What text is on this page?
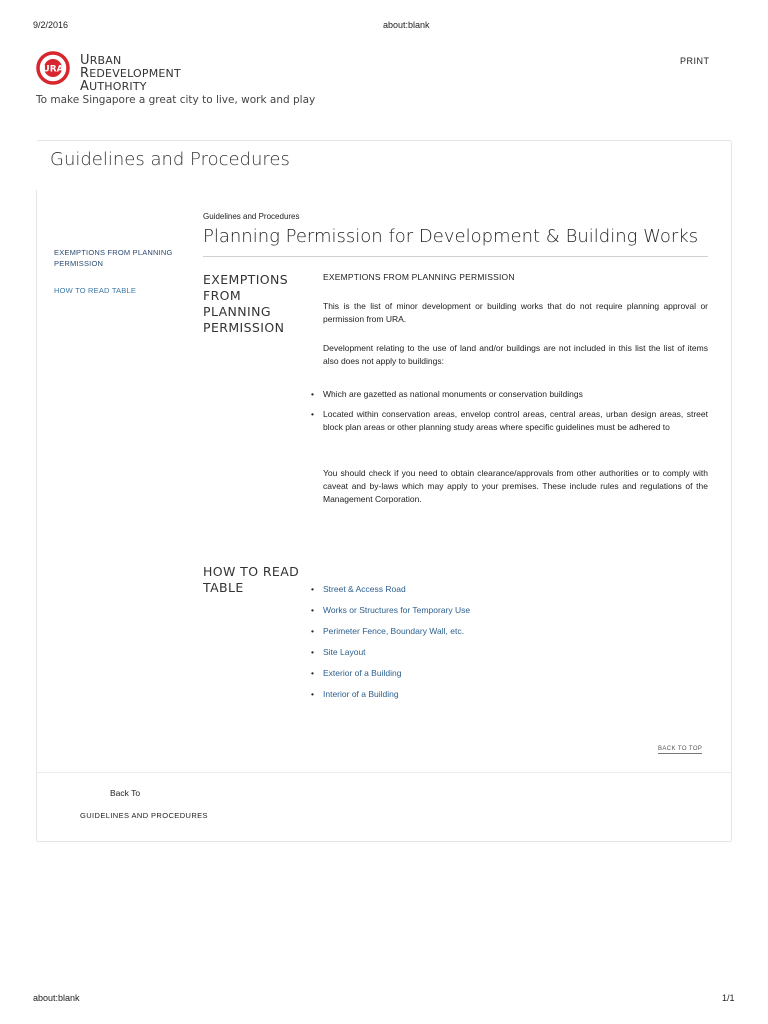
9/2/2016	about:blank
URA
URBAN
REDEVELOPMENT
AUTHORITY
To make Singapore a great city to live, work and play
PRINT
Guidelines and Procedures
EXEMPTIONS FROM PLANNING PERMISSION
HOW TO READ TABLE
Guidelines and Procedures
Planning Permission for Development & Building Works
EXEMPTIONS FROM PLANNING PERMISSION
EXEMPTIONS FROM PLANNING PERMISSION
This is the list of minor development or building works that do not require planning approval or permission from URA.
Development relating to the use of land and/or buildings are not included in this list the list of items also does not apply to buildings:
• Which are gazetted as national monuments or conservation buildings
• Located within conservation areas, envelop control areas, central areas, urban design areas, street block plan areas or other planning study areas where specific guidelines must be adhered to
You should check if you need to obtain clearance/approvals from other authorities or to comply with caveat and by-laws which may apply to your premises. These include rules and regulations of the Management Corporation.
HOW TO READ TABLE	• Street & Access Road
• Works or Structures for Temporary Use
• Perimeter Fence, Boundary Wall, etc.
• Site Layout
• Exterior of a Building
• Interior of a Building
BACK TO TOP
Back To
GUIDELINES AND PROCEDURES
about:blank	1/1
